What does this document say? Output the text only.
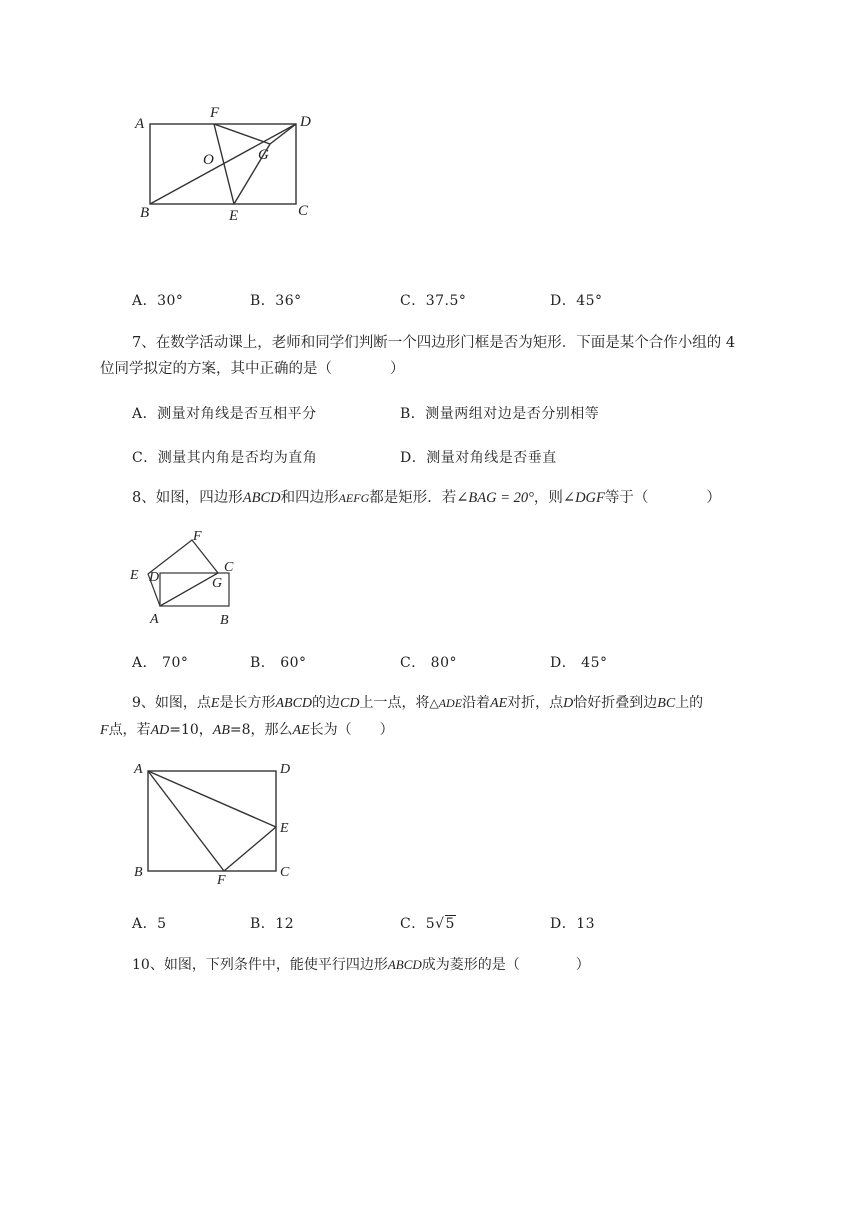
A
F
D
O	G
B	E	C
A．30°	B．36°	C．37.5°	D．45°
7、在数学活动课上，老师和同学们判断一个四边形门框是否为矩形．下面是某个合作小组的 4
位同学拟定的方案，其中正确的是（　　　　）
A．测量对角线是否互相平分	B．测量两组对边是否分别相等
C．测量其内角是否均为直角	D．测量对角线是否垂直
8、如图，四边形ABCD和四边形AEFG都是矩形．若∠BAG = 20°，则∠DGF等于（　　　　）
F
E D
C
G
A	B
A． 70°	B． 60°	C． 80°	D． 45°
9、如图，点E是长方形ABCD的边CD上一点，将△ADE沿着AE对折，点D恰好折叠到边BC上的
F点，若AD=10，AB=8，那么AE长为（　　）
A	D
E
B
F
C
A．5	B．12	C．5√5	D．13
10、如图，下列条件中，能使平行四边形ABCD成为菱形的是（　　　　）
